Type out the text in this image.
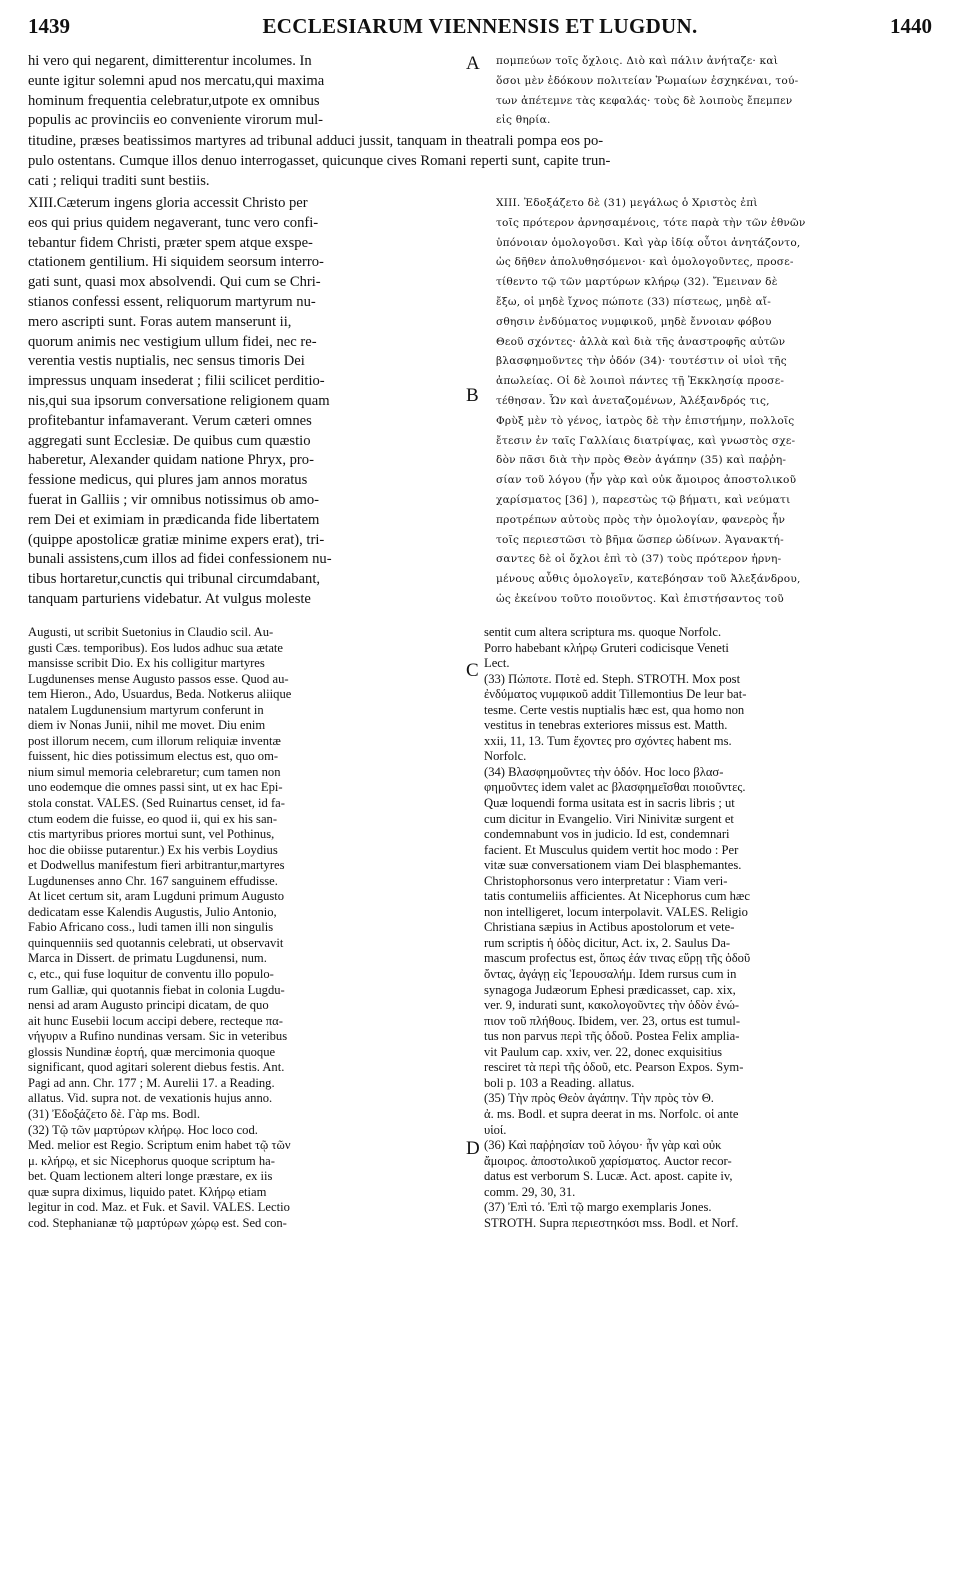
1439	ECCLESIARUM VIENNENSIS ET LUGDUN.	1440

hi vero qui negarent, dimitterentur incolumes. In
eunte igitur solemni apud nos mercatu,qui maxima
hominum frequentia celebratur,utpote ex omnibus
populis ac provinciis eo conveniente virorum mul-

A πομπεύων τοῖς ὄχλοις. Διὸ καὶ πάλιν ἀνήταζε· καὶ
ὅσοι μὲν ἐδόκουν πολιτείαν Ῥωμαίων ἐσχηκέναι, τού-
των ἀπέτεμνε τὰς κεφαλάς· τοὺς δὲ λοιποὺς ἔπεμπεν
εἰς θηρία.

titudine, præses beatissimos martyres ad tribunal adduci jussit, tanquam in theatrali pompa eos po-
pulo ostentans. Cumque illos denuo interrogasset, quicunque cives Romani reperti sunt, capite trun-
cati ; reliqui traditi sunt bestiis.

XIII.Cæterum ingens gloria accessit Christo per
eos qui prius quidem negaverant, tunc vero confi-
tebantur fidem Christi, præter spem atque exspe-
ctationem gentilium. Hi siquidem seorsum interro-
gati sunt, quasi mox absolvendi. Qui cum se Chri-
stianos confessi essent, reliquorum martyrum nu-
mero ascripti sunt. Foras autem manserunt ii,
quorum animis nec vestigium ullum fidei, nec re-
verentia vestis nuptialis, nec sensus timoris Dei
impressus unquam insederat ; filii scilicet perditio-
nis,qui sua ipsorum conversatione religionem quam
profitebantur infamaverant. Verum cæteri omnes
aggregati sunt Ecclesiæ. De quibus cum quæstio
haberetur, Alexander quidam natione Phryx, pro-
fessione medicus, qui plures jam annos moratus
fuerat in Galliis ; vir omnibus notissimus ob amo-
rem Dei et eximiam in prædicanda fide libertatem
(quippe apostolicæ gratiæ minime expers erat), tri-
bunali assistens,cum illos ad fidei confessionem nu-
tibus hortaretur,cunctis qui tribunal circumdabant,
tanquam parturiens videbatur. At vulgus moleste

B

XIII. Ἐδοξάζετο δὲ (31) μεγάλως ὁ Χριστὸς ἐπὶ
τοῖς πρότερον ἀρνησαμένοις, τότε παρὰ τὴν τῶν ἐθνῶν
ὑπόνοιαν ὁμολογοῦσι. Καὶ γὰρ ἰδίᾳ οὗτοι ἀνητάζοντο,
ὡς δῆθεν ἀπολυθησόμενοι· καὶ ὁμολογοῦντες, προσε-
τίθεντο τῷ τῶν μαρτύρων κλήρῳ (32). Ἔμειναν δὲ
ἔξω, οἱ μηδὲ ἴχνος πώποτε (33) πίστεως, μηδὲ αἴ-
σθησιν ἐνδύματος νυμφικοῦ, μηδὲ ἔννοιαν φόβου
Θεοῦ σχόντες· ἀλλὰ καὶ διὰ τῆς ἀναστροφῆς αὐτῶν
βλασφημοῦντες τὴν ὁδόν (34)· τουτέστιν οἱ υἱοὶ τῆς
ἀπωλείας. Οἱ δὲ λοιποὶ πάντες τῇ Ἐκκλησίᾳ προσε-
τέθησαν. Ὧν καὶ ἀνεταζομένων, Ἀλέξανδρός τις,
Φρὺξ μὲν τὸ γένος, ἰατρὸς δὲ τὴν ἐπιστήμην, πολλοῖς
ἔτεσιν ἐν ταῖς Γαλλίαις διατρίψας, καὶ γνωστὸς σχε-
δὸν πᾶσι διὰ τὴν πρὸς Θεὸν ἀγάπην (35) καὶ παῤῥη-
σίαν τοῦ λόγου (ἦν γὰρ καὶ οὐκ ἄμοιρος ἀποστολικοῦ
χαρίσματος [36] ), παρεστὼς τῷ βήματι, καὶ νεύματι
προτρέπων αὐτοὺς πρὸς τὴν ὁμολογίαν, φανερὸς ἦν
τοῖς περιεστῶσι τὸ βῆμα ὥσπερ ὠδίνων. Ἀγανακτή-
σαντες δὲ οἱ ὄχλοι ἐπὶ τὸ (37) τοὺς πρότερον ἠρνη-
μένους αὖθις ὁμολογεῖν, κατεβόησαν τοῦ Ἀλεξάνδρου,
ὡς ἐκείνου τοῦτο ποιοῦντος. Καὶ ἐπιστήσαντος τοῦ

Augusti, ut scribit Suetonius in Claudio scil. Au-
gusti Cæs. temporibus). Eos ludos adhuc sua ætate
mansisse scribit Dio. Ex his colligitur martyres
Lugdunenses mense Augusto passos esse. Quod au-
tem Hieron., Ado, Usuardus, Beda. Notkerus aliique
natalem Lugdunensium martyrum conferunt in
diem iv Nonas Junii, nihil me movet. Diu enim
post illorum necem, cum illorum reliquiæ inventæ
fuissent, hic dies potissimum electus est, quo om-
nium simul memoria celebraretur; cum tamen non
uno eodemque die omnes passi sint, ut ex hac Epi-
stola constat. VALES. (Sed Ruinartus censet, id fa-
ctum eodem die fuisse, eo quod ii, qui ex his san-
ctis martyribus priores mortui sunt, vel Pothinus,
hoc die obiisse putarentur.) Ex his verbis Loydius
et Dodwellus manifestum fieri arbitrantur,martyres
Lugdunenses anno Chr. 167 sanguinem effudisse.
At licet certum sit, aram Lugduni primum Augusto
dedicatam esse Kalendis Augustis, Julio Antonio,
Fabio Africano coss., ludi tamen illi non singulis
quinquenniis sed quotannis celebrati, ut observavit
Marca in Dissert. de primatu Lugdunensi, num.
c, etc., qui fuse loquitur de conventu illo populo-
rum Galliæ, qui quotannis fiebat in colonia Lugdu-
nensi ad aram Augusto principi dicatam, de quo
ait hunc Eusebii locum accipi debere, recteque πα-
νήγυριν a Rufino nundinas versam. Sic in veteribus
glossis Nundinæ ἑορτή, quæ mercimonia quoque
significant, quod agitari solerent diebus festis. Ant.
Pagi ad ann. Chr. 177 ; M. Aurelii 17. a Reading.
allatus. Vid. supra not. de vexationis hujus anno.
(31) Ἐδοξάζετο δὲ. Γὰρ ms. Bodl.
(32) Τῷ τῶν μαρτύρων κλήρῳ. Hoc loco cod.
Med. melior est Regio. Scriptum enim habet τῷ τῶν
μ. κλήρῳ, et sic Nicephorus quoque scriptum ha-
bet. Quam lectionem alteri longe præstare, ex iis
quæ supra diximus, liquido patet. Κλήρῳ etiam
legitur in cod. Maz. et Fuk. et Savil. VALES. Lectio
cod. Stephanianæ τῷ μαρτύρων χώρῳ est. Sed con-

C
D

sentit cum altera scriptura ms. quoque Norfolc.
Porro habebant κλήρῳ Gruteri codicisque Veneti
Lect.
(33) Πώποτε. Ποτὲ ed. Steph. STROTH. Mox post
ἐνδύματος νυμφικοῦ addit Tillemontius De leur bat-
tesme. Certe vestis nuptialis hæc est, qua homo non
vestitus in tenebras exteriores missus est. Matth.
xxii, 11, 13. Tum ἔχοντες pro σχόντες habent ms.
Norfolc.
(34) Βλασφημοῦντες τὴν ὁδόν. Hoc loco βλασ-
φημοῦντες idem valet ac βλασφημεῖσθαι ποιοῦντες.
Quæ loquendi forma usitata est in sacris libris ; ut
cum dicitur in Evangelio. Viri Ninivitæ surgent et
condemnabunt vos in judicio. Id est, condemnari
facient. Et Musculus quidem vertit hoc modo : Per
vitæ suæ conversationem viam Dei blasphemantes.
Christophorsonus vero interpretatur : Viam veri-
tatis contumeliis afficientes. At Nicephorus cum hæc
non intelligeret, locum interpolavit. VALES. Religio
Christiana sæpius in Actibus apostolorum et vete-
rum scriptis ἡ ὁδὸς dicitur, Act. ix, 2. Saulus Da-
mascum profectus est, ὅπως ἐάν τινας εὕρῃ τῆς ὁδοῦ
ὄντας, ἀγάγῃ εἰς Ἱερουσαλήμ. Idem rursus cum in
synagoga Judæorum Ephesi prædicasset, cap. xix,
ver. 9, indurati sunt, κακολογοῦντες τὴν ὁδὸν ἐνώ-
πιον τοῦ πλήθους. Ibidem, ver. 23, ortus est tumul-
tus non parvus περὶ τῆς ὁδοῦ. Postea Felix amplia-
vit Paulum cap. xxiv, ver. 22, donec exquisitius
resciret τὰ περὶ τῆς ὁδοῦ, etc. Pearson Expos. Sym-
boli p. 103 a Reading. allatus.
(35) Τὴν πρὸς Θεὸν ἀγάπην. Τὴν πρὸς τὸν Θ.
ἀ. ms. Bodl. et supra deerat in ms. Norfolc. οἱ ante
υἱοί.
(36) Καὶ παῤῥησίαν τοῦ λόγου· ἦν γὰρ καὶ οὐκ
ἄμοιρος. ἀποστολικοῦ χαρίσματος. Auctor recor-
datus est verborum S. Lucæ. Act. apost. capite iv,
comm. 29, 30, 31.
(37) Ἐπὶ τό. Ἐπὶ τῷ margo exemplaris Jones.
STROTH. Supra περιεστηκόσι mss. Bodl. et Norf.
